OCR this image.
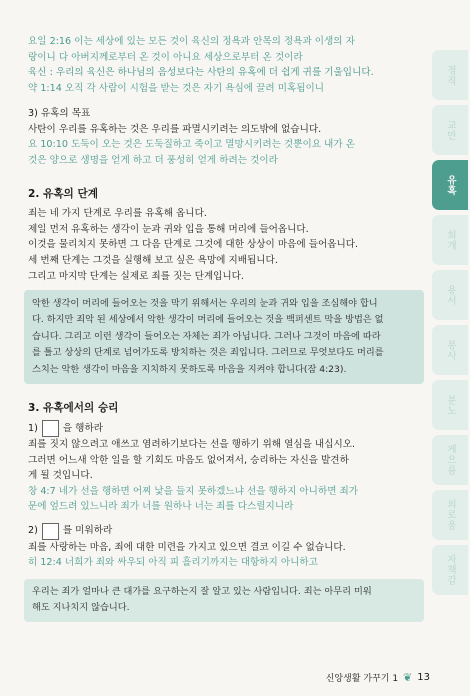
요일 2:16 이는 세상에 있는 모든 것이 육신의 정욕과 안목의 정욕과 이생의 자

랑이니 다 아버지께로부터 온 것이 아니요 세상으로부터 온 것이라

육신 : 우리의 육신은 하나님의 음성보다는 사탄의 유혹에 더 쉽게 귀를 기울입니다.

약 1:14 오직 각 사람이 시험을 받는 것은 자기 욕심에 끌려 미혹됨이니

3) 유혹의 목표

사탄이 우리를 유혹하는 것은 우리를 파멸시키려는 의도밖에 없습니다.

요 10:10 도둑이 오는 것은 도둑질하고 죽이고 멸망시키려는 것뿐이요 내가 온

것은 양으로 생명을 얻게 하고 더 풍성히 얻게 하려는 것이라

2. 유혹의 단계

죄는 네 가지 단계로 우리를 유혹해 옵니다.

제일 먼저 유혹하는 생각이 눈과 귀와 입을 통해 머리에 들어옵니다.

이것을 물리치지 못하면 그 다음 단계로 그것에 대한 상상이 마음에 들어옵니다.

세 번째 단계는 그것을 실행해 보고 싶은 욕망에 지배됩니다.

그리고 마지막 단계는 실제로 죄를 짓는 단계입니다.

악한 생각이 머리에 들어오는 것을 막기 위해서는 우리의 눈과 귀와 입을 조심해야 합니

다. 하지만 죄악 된 세상에서 악한 생각이 머리에 들어오는 것을 백퍼센트 막을 방법은 없

습니다. 그리고 이런 생각이 들어오는 자체는 죄가 아닙니다. 그러나 그것이 마음에 따라

를 틀고 상상의 단계로 넘어가도록 방치하는 것은 죄입니다. 그러므로 무엇보다도 머리를

스치는 악한 생각이 마음을 지치하지 못하도록 마음을 지켜야 합니다(잠 4:23).

3. 유혹에서의 승리

1)	을 행하라

죄를 짓지 않으려고 애쓰고 염려하기보다는 선을 행하기 위해 열심을 내십시오.

그러면 어느새 악한 일을 할 기회도 마음도 없어져서, 승리하는 자신을 발견하

게 될 것입니다.

창 4:7 네가 선을 행하면 어찌 낯을 들지 못하겠느냐 선을 행하지 아니하면 죄가

문에 엎드려 있느니라 죄가 너를 원하나 너는 죄를 다스릴지니라

2)	를 미워하라

죄를 사랑하는 마음, 죄에 대한 미련을 가지고 있으면 결코 이길 수 없습니다.

히 12:4 너희가 죄와 싸우되 아직 피 흘리기까지는 대항하지 아니하고

우리는 죄가 얼마나 큰 대가를 요구하는지 잘 알고 있는 사람입니다. 죄는 아무리 미워

해도 지나치지 않습니다.

정직
교만
유혹
회개
용서
봉사
분노
게으름
외로움
자책감
신앙생활 가꾸기 1 ❦ 13
